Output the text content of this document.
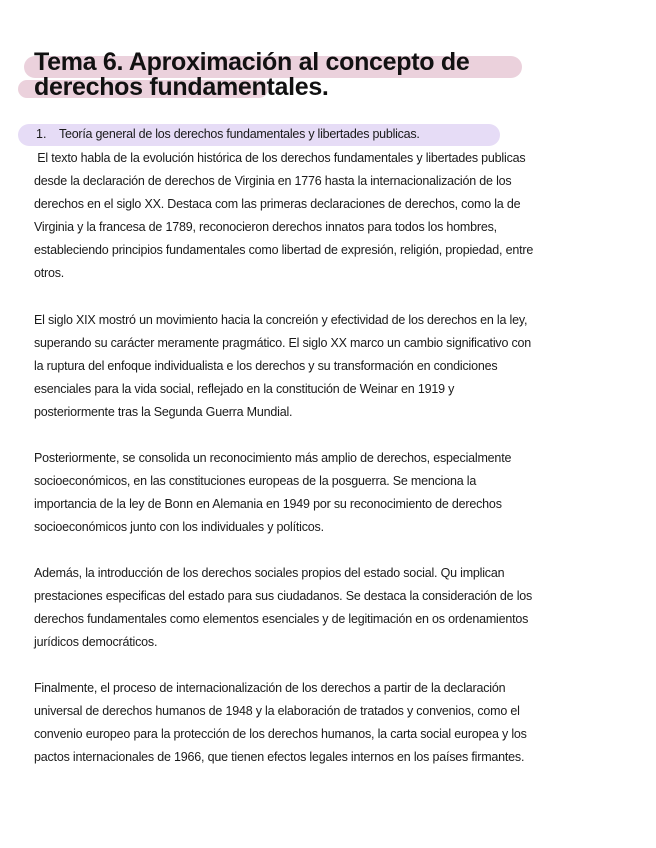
Tema 6. Aproximación al concepto de

derechos fundamentales.

1. Teoría general de los derechos fundamentales y libertades publicas.

El texto habla de la evolución histórica de los derechos fundamentales y libertades publicas
desde la declaración de derechos de Virginia en 1776 hasta la internacionalización de los
derechos en el siglo XX. Destaca com las primeras declaraciones de derechos, como la de
Virginia y la francesa de 1789, reconocieron derechos innatos para todos los hombres,
estableciendo principios fundamentales como libertad de expresión, religión, propiedad, entre
otros.

El siglo XIX mostró un movimiento hacia la concreión y efectividad de los derechos en la ley,
superando su carácter meramente pragmático. El siglo XX marco un cambio significativo con
la ruptura del enfoque individualista e los derechos y su transformación en condiciones
esenciales para la vida social, reflejado en la constitución de Weinar en 1919 y
posteriormente tras la Segunda Guerra Mundial.

Posteriormente, se consolida un reconocimiento más amplio de derechos, especialmente
socioeconómicos, en las constituciones europeas de la posguerra. Se menciona la
importancia de la ley de Bonn en Alemania en 1949 por su reconocimiento de derechos
socioeconómicos junto con los individuales y políticos.

Además, la introducción de los derechos sociales propios del estado social. Qu implican
prestaciones especificas del estado para sus ciudadanos. Se destaca la consideración de los
derechos fundamentales como elementos esenciales y de legitimación en os ordenamientos
jurídicos democráticos.

Finalmente, el proceso de internacionalización de los derechos a partir de la declaración
universal de derechos humanos de 1948 y la elaboración de tratados y convenios, como el
convenio europeo para la protección de los derechos humanos, la carta social europea y los
pactos internacionales de 1966, que tienen efectos legales internos en los países firmantes.
